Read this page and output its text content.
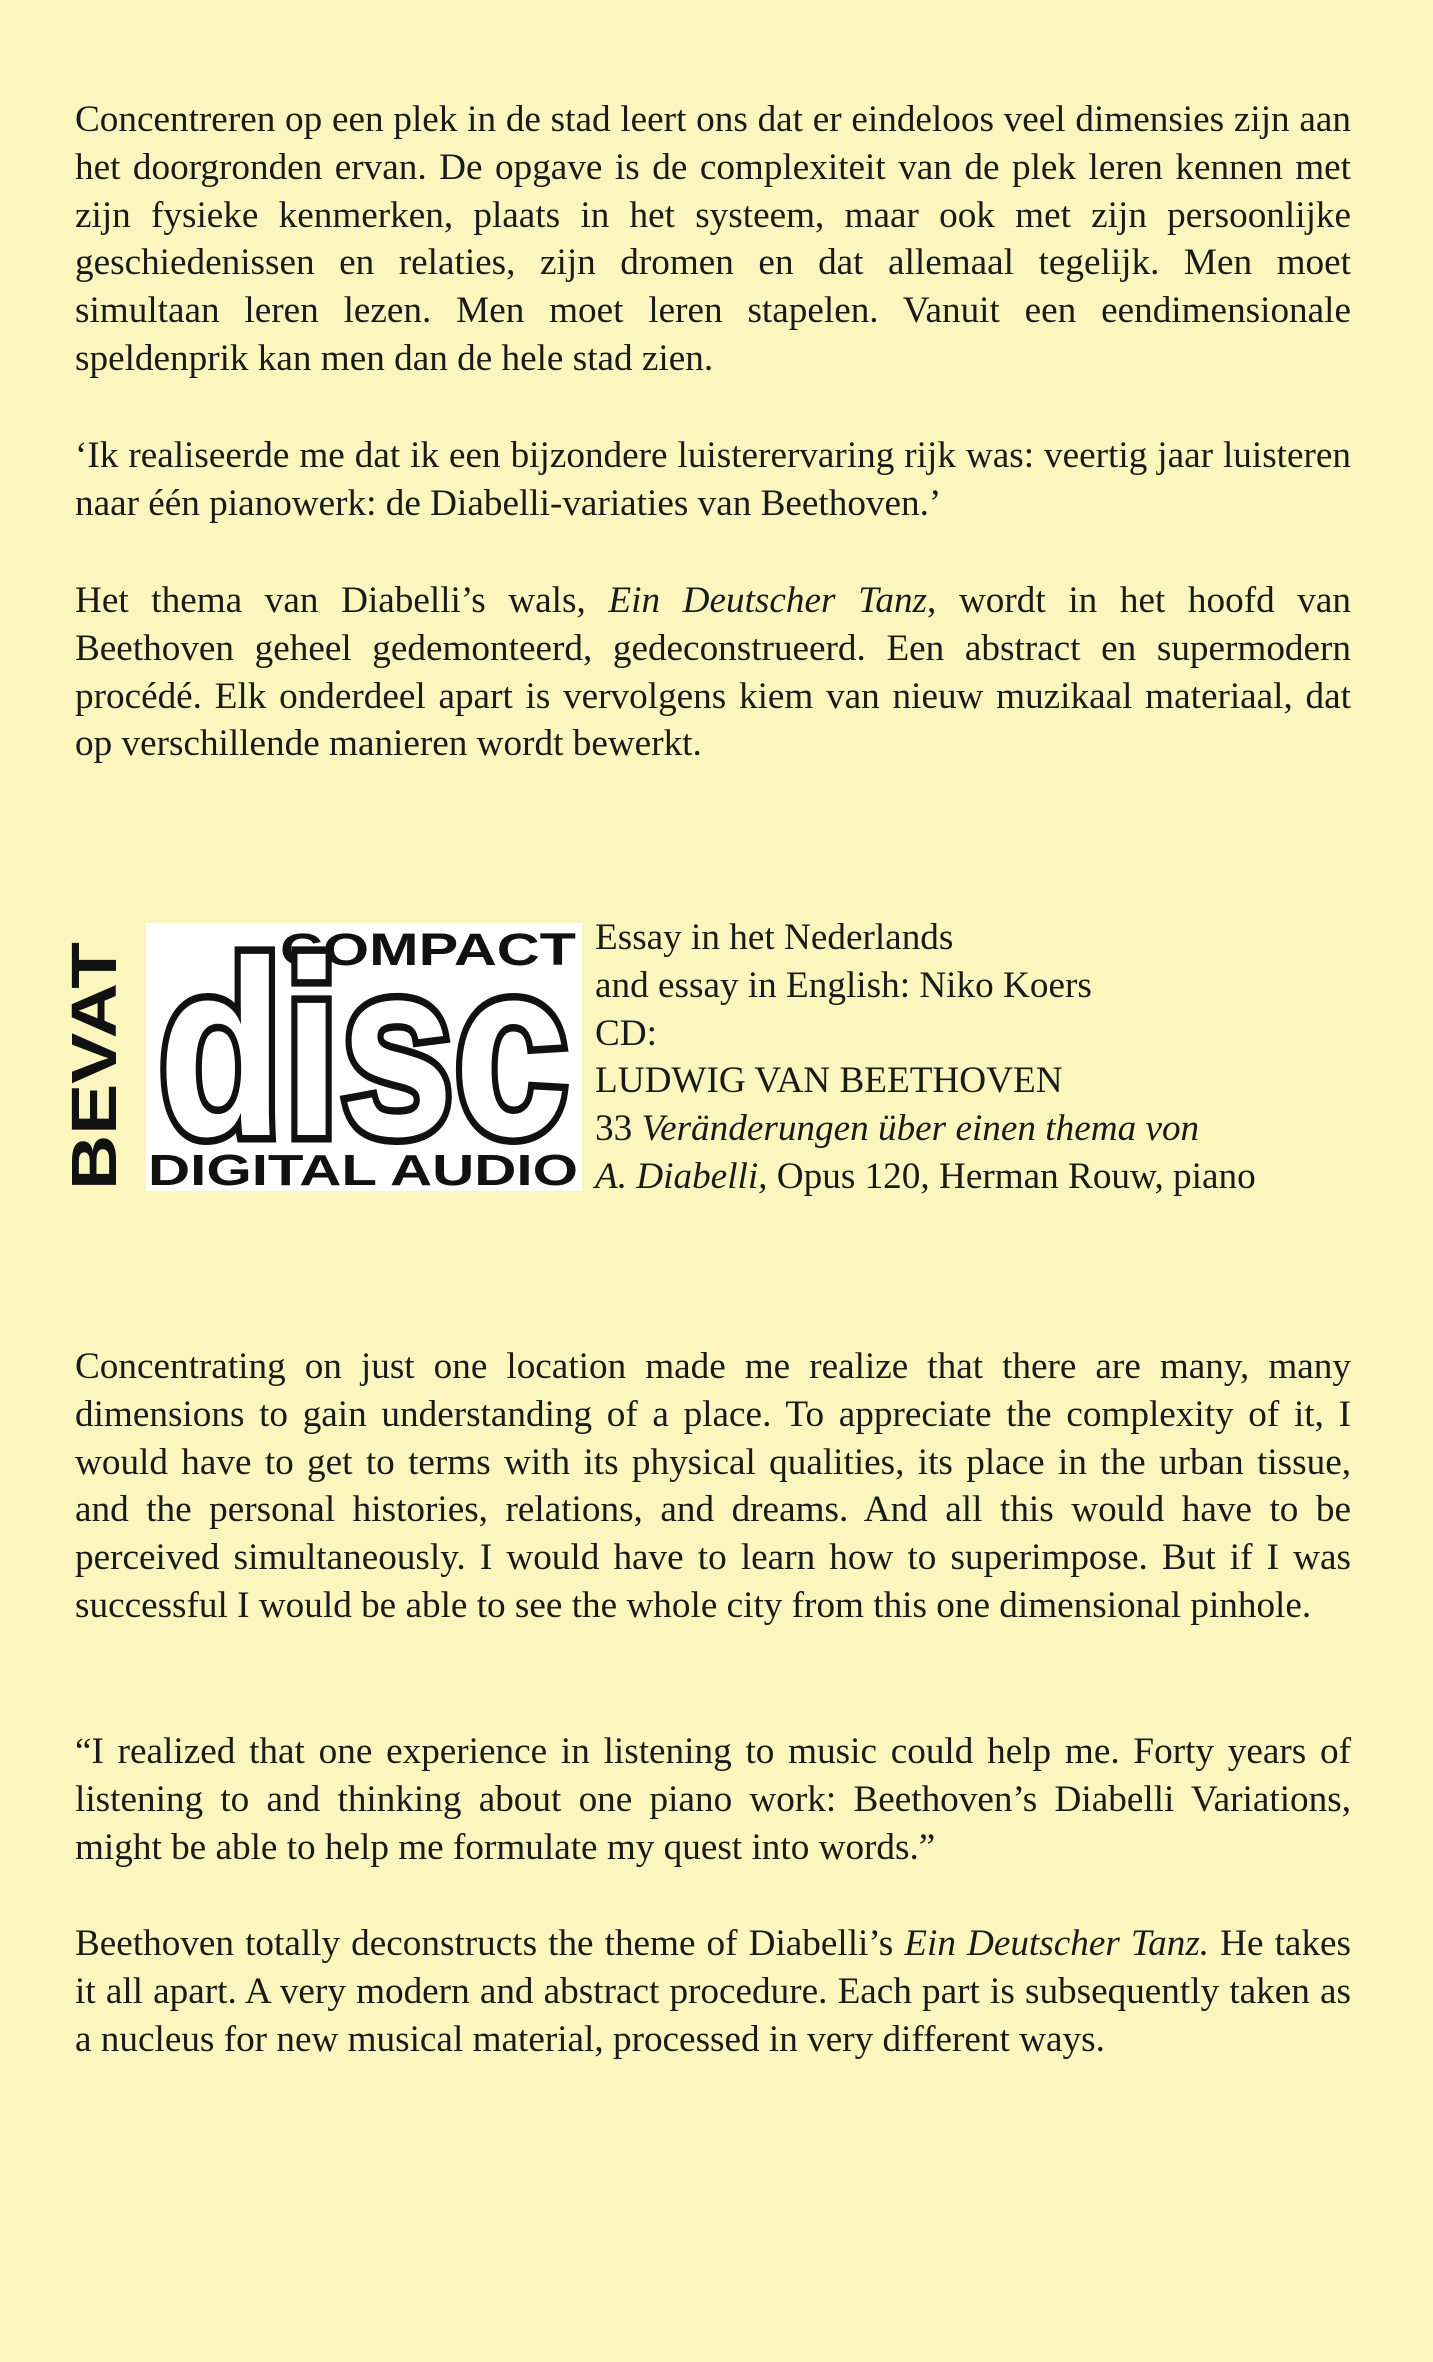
Concentreren op een plek in de stad leert ons dat er eindeloos veel dimensies zijn aan het doorgronden ervan. De opgave is de complexiteit van de plek leren kennen met zijn fysieke kenmerken, plaats in het systeem, maar ook met zijn persoonlijke geschiedenissen en relaties, zijn dromen en dat allemaal tegelijk. Men moet simultaan leren lezen. Men moet leren stapelen. Vanuit een eendimensionale speldenprik kan men dan de hele stad zien.

‘Ik realiseerde me dat ik een bijzondere luisterervaring rijk was: veertig jaar luisteren naar één pianowerk: de Diabelli-variaties van Beethoven.’

Het thema van Diabelli’s wals, Ein Deutscher Tanz, wordt in het hoofd van Beethoven geheel gedemonteerd, gedeconstrueerd. Een abstract en supermodern procédé. Elk onderdeel apart is vervolgens kiem van nieuw muzikaal materiaal, dat op verschillende manieren wordt bewerkt.

BEVAT
COMPACT
disc
DIGITAL AUDIO
Essay in het Nederlands
and essay in English: Niko Koers
CD:
LUDWIG VAN BEETHOVEN
33 Veränderungen über einen thema von
A. Diabelli, Opus 120, Herman Rouw, piano

Concentrating on just one location made me realize that there are many, many dimensions to gain understanding of a place. To appreciate the complexity of it, I would have to get to terms with its physical qualities, its place in the urban tissue, and the personal histories, relations, and dreams. And all this would have to be perceived simultaneously. I would have to learn how to superimpose. But if I was successful I would be able to see the whole city from this one dimensional pinhole.

“I realized that one experience in listening to music could help me. Forty years of listening to and thinking about one piano work: Beethoven’s Diabelli Variations, might be able to help me formulate my quest into words.”

Beethoven totally deconstructs the theme of Diabelli’s Ein Deutscher Tanz. He takes it all apart. A very modern and abstract procedure. Each part is subsequently taken as a nucleus for new musical material, processed in very different ways.
